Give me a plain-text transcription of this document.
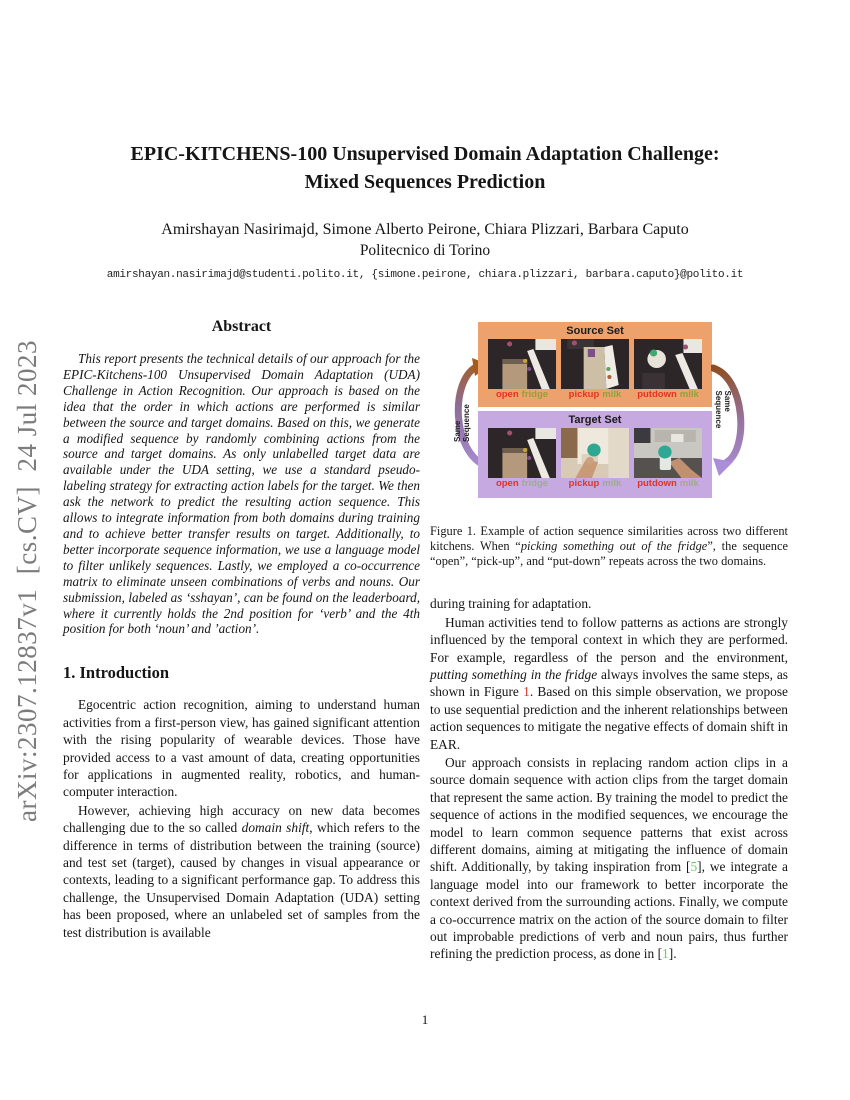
arXiv:2307.12837v1  [cs.CV]  24 Jul 2023
EPIC-KITCHENS-100 Unsupervised Domain Adaptation Challenge:
Mixed Sequences Prediction
Amirshayan Nasirimajd, Simone Alberto Peirone, Chiara Plizzari, Barbara Caputo
Politecnico di Torino
amirshayan.nasirimajd@studenti.polito.it, {simone.peirone, chiara.plizzari, barbara.caputo}@polito.it
Abstract

This report presents the technical details of our approach for the EPIC-Kitchens-100 Unsupervised Domain Adaptation (UDA) Challenge in Action Recognition. Our approach is based on the idea that the order in which actions are performed is similar between the source and target domains. Based on this, we generate a modified sequence by randomly combining actions from the source and target domains. As only unlabelled target data are available under the UDA setting, we use a standard pseudo-labeling strategy for extracting action labels for the target. We then ask the network to predict the resulting action sequence. This allows to integrate information from both domains during training and to achieve better transfer results on target. Additionally, to better incorporate sequence information, we use a language model to filter unlikely sequences. Lastly, we employed a co-occurrence matrix to eliminate unseen combinations of verbs and nouns. Our submission, labeled as ‘sshayan’, can be found on the leaderboard, where it currently holds the 2nd position for ‘verb’ and the 4th position for both ‘noun’ and ’action’.

1. Introduction

Egocentric action recognition, aiming to understand human activities from a first-person view, has gained significant attention with the rising popularity of wearable devices. Those have provided access to a vast amount of data, creating opportunities for applications in augmented reality, robotics, and human-computer interaction.

However, achieving high accuracy on new data becomes challenging due to the so called domain shift, which refers to the difference in terms of distribution between the training (source) and test set (target), caused by changes in visual appearance or contexts, leading to a significant performance gap. To address this challenge, the Unsupervised Domain Adaptation (UDA) setting has been proposed, where an unlabeled set of samples from the test distribution is available

Same Sequence
Source Set
open fridge	pickup milk	putdown milk
Target Set
open fridge	pickup milk	putdown milk
Same Sequence

Figure 1. Example of action sequence similarities across two different kitchens. When “picking something out of the fridge”, the sequence “open”, “pick-up”, and “put-down” repeats across the two domains.

during training for adaptation.

Human activities tend to follow patterns as actions are strongly influenced by the temporal context in which they are performed. For example, regardless of the person and the environment, putting something in the fridge always involves the same steps, as shown in Figure 1. Based on this simple observation, we propose to use sequential prediction and the inherent relationships between action sequences to mitigate the negative effects of domain shift in EAR.

Our approach consists in replacing random action clips in a source domain sequence with action clips from the target domain that represent the same action. By training the model to predict the sequence of actions in the modified sequences, we encourage the model to learn common sequence patterns that exist across different domains, aiming at mitigating the influence of domain shift. Additionally, by taking inspiration from [5], we integrate a language model into our framework to better incorporate the context derived from the surrounding actions. Finally, we compute a co-occurrence matrix on the action of the source domain to filter out improbable predictions of verb and noun pairs, thus further refining the prediction process, as done in [1].

1
